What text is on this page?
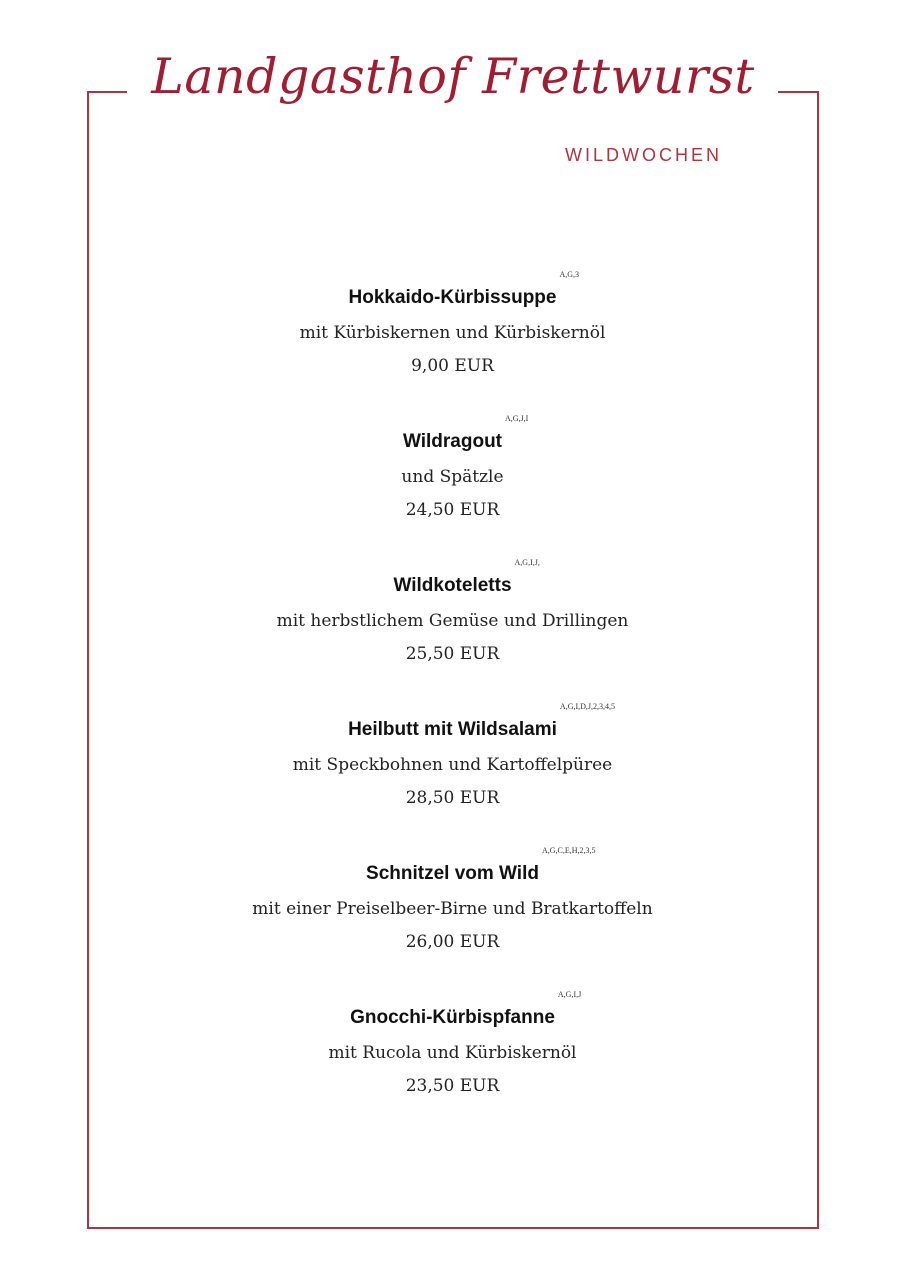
Landgasthof Frettwurst
WILDWOCHEN
Hokkaido-Kürbissuppe
A,G,3
mit Kürbiskernen und Kürbiskernöl
9,00 EUR
Wildragout
A,G,J,I
und Spätzle
24,50 EUR
Wildkoteletts
A,G,I,J,
mit herbstlichem Gemüse und Drillingen
25,50 EUR
Heilbutt mit Wildsalami
A,G,I,D,J,2,3,4,5
mit Speckbohnen und Kartoffelpüree
28,50 EUR
Schnitzel vom Wild
A,G,C,E,H,2,3,5
mit einer Preiselbeer-Birne und Bratkartoffeln
26,00 EUR
Gnocchi-Kürbispfanne
A,G,I,J
mit Rucola und Kürbiskernöl
23,50 EUR
